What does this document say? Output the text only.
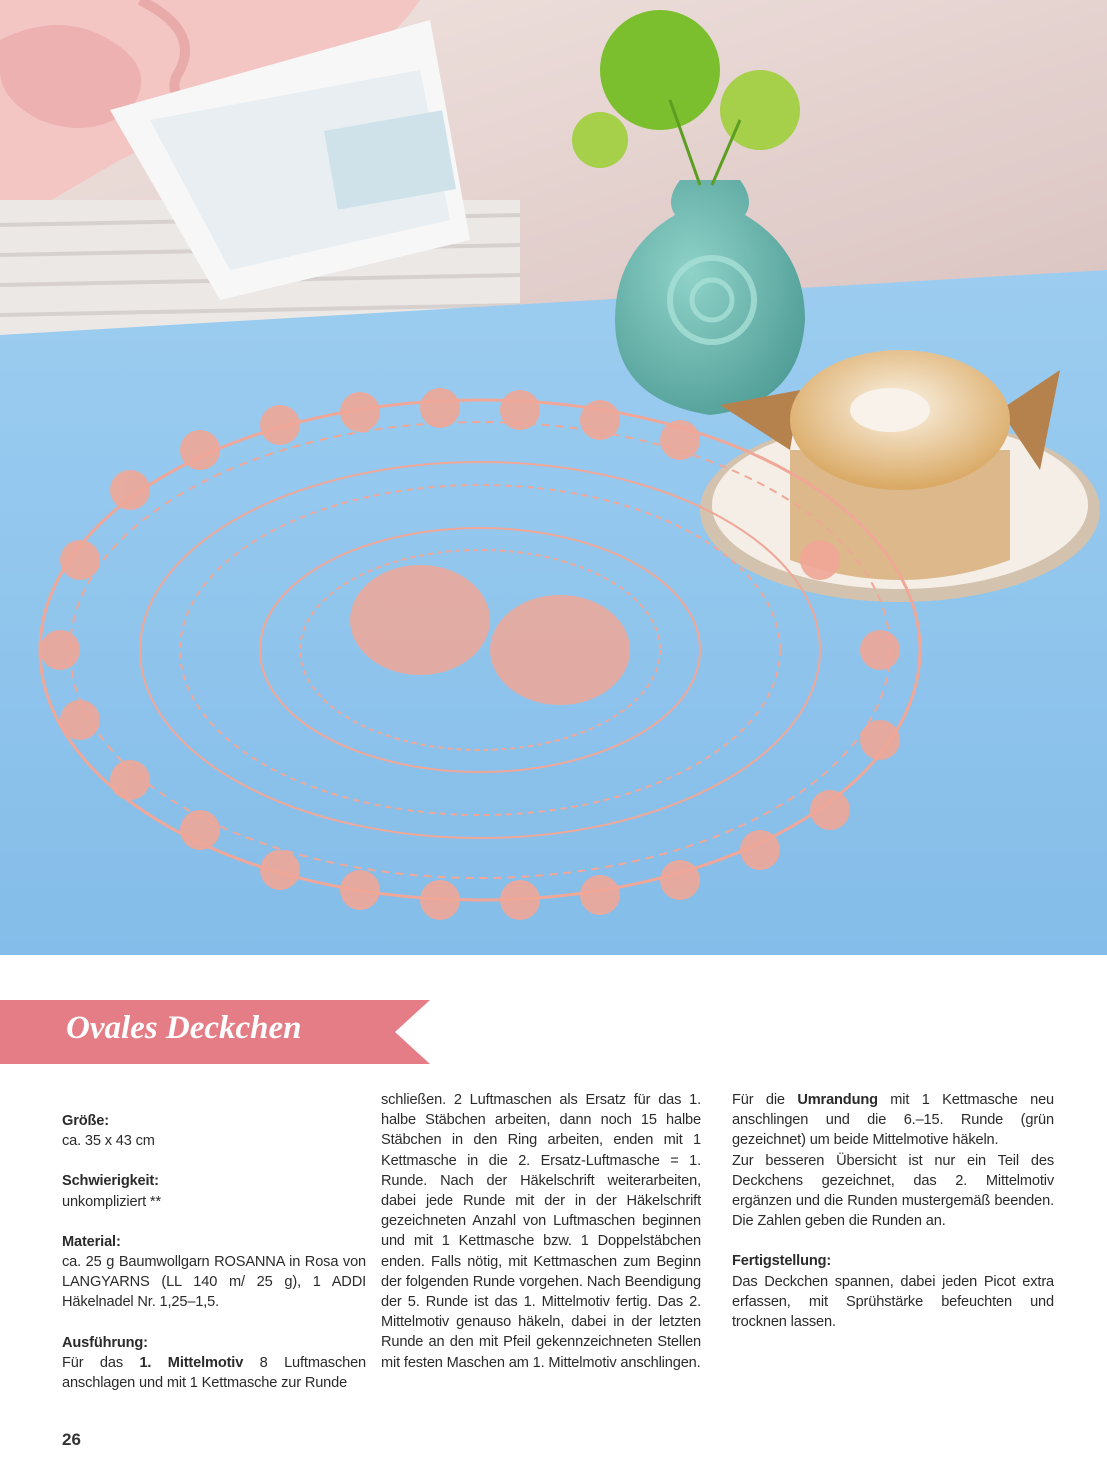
Ovales Deckchen

Größe:

ca. 35 x 43 cm

Schwierigkeit:

unkompliziert **

Material:

ca. 25 g Baumwollgarn ROSANNA in Rosa von LANGYARNS (LL 140 m/ 25 g), 1 ADDI Häkelnadel Nr. 1,25–1,5.

Ausführung:

Für das 1. Mittelmotiv 8 Luftmaschen anschlagen und mit 1 Kettmasche zur Runde

schließen. 2 Luftmaschen als Ersatz für das 1. halbe Stäbchen arbeiten, dann noch 15 halbe Stäbchen in den Ring arbeiten, enden mit 1 Kettmasche in die 2. Ersatz-Luftmasche = 1. Runde. Nach der Häkelschrift weiterarbeiten, dabei jede Runde mit der in der Häkelschrift gezeichneten Anzahl von Luftmaschen beginnen und mit 1 Kettmasche bzw. 1 Doppelstäbchen enden. Falls nötig, mit Kettmaschen zum Beginn der folgenden Runde vorgehen. Nach Beendigung der 5. Runde ist das 1. Mittelmotiv fertig. Das 2. Mittelmotiv genauso häkeln, dabei in der letzten Runde an den mit Pfeil gekennzeichneten Stellen mit festen Maschen am 1. Mittelmotiv anschlingen.

Für die Umrandung mit 1 Kettmasche neu anschlingen und die 6.–15. Runde (grün gezeichnet) um beide Mittelmotive häkeln.

Zur besseren Übersicht ist nur ein Teil des Deckchens gezeichnet, das 2. Mittelmotiv ergänzen und die Runden mustergemäß beenden. Die Zahlen geben die Runden an.

Fertigstellung:

Das Deckchen spannen, dabei jeden Picot extra erfassen, mit Sprühstärke befeuchten und trocknen lassen.

26
